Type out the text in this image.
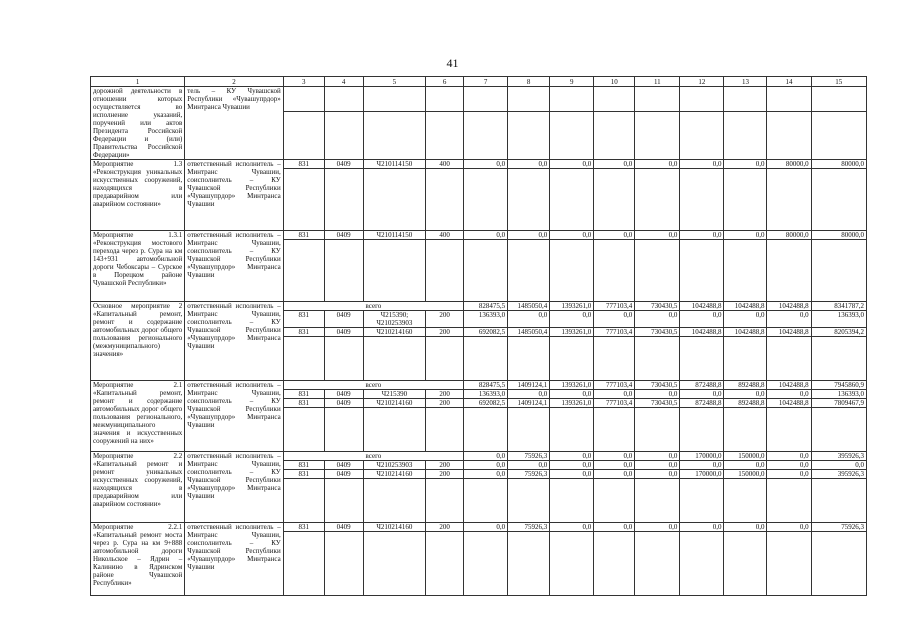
41
1	2	3	4	5	6	7	8	9	10	11	12	13	14	15
дорожной деятельности в отношении которых осуществляется во исполнение указаний, поручений или актов Президента Российской Федерации и (или) Правительства Российской Федерации»	тель – КУ Чувашской Республики «Чувашупрдор» Минтранса Чувашии													

Мероприятие 1.3 «Реконструкция уникальных искусственных сооружений, находящихся в предаварийном или аварийном состоянии»	ответственный исполнитель – Минтранс Чувашии, соисполнитель – КУ Чувашской Республики «Чувашупрдор» Минтранса Чувашии	831	0409	Ч210114150	400	0,0	0,0	0,0	0,0	0,0	0,0	0,0	80000,0	80000,0

Мероприятие 1.3.1 «Реконструкция мостового перехода через р. Сура на км 143+931 автомобильной дороги Чебоксары – Сурское в Порецком районе Чувашской Республики»	ответственный исполнитель – Минтранс Чувашии, соисполнитель – КУ Чувашской Республики «Чувашупрдор» Минтранса Чувашии	831	0409	Ч210114150	400	0,0	0,0	0,0	0,0	0,0	0,0	0,0	80000,0	80000,0

Основное мероприятие 2 «Капитальный ремонт, ремонт и содержание автомобильных дорог общего пользования регионального (межмуниципального) значения»	ответственный исполнитель – Минтранс Чувашии, соисполнитель – КУ Чувашской Республики «Чувашупрдор» Минтранса Чувашии	всего				828475,5	1485050,4	1393261,0	777103,4	730430,5	1042488,8	1042488,8	1042488,8	8341787,2
		831	0409	Ч215390; Ч210253903	200	136393,0	0,0	0,0	0,0	0,0	0,0	0,0	0,0	136393,0
		831	0409	Ч210214160	200	692082,5	1485050,4	1393261,0	777103,4	730430,5	1042488,8	1042488,8	1042488,8	8205394,2

Мероприятие 2.1 «Капитальный ремонт, ремонт и содержание автомобильных дорог общего пользования регионального, межмуниципального значения и искусственных сооружений на них»	ответственный исполнитель – Минтранс Чувашии, соисполнитель – КУ Чувашской Республики «Чувашупрдор» Минтранса Чувашии	всего				828475,5	1409124,1	1393261,0	777103,4	730430,5	872488,8	892488,8	1042488,8	7945860,9
		831	0409	Ч215390	200	136393,0	0,0	0,0	0,0	0,0	0,0	0,0	0,0	136393,0
		831	0409	Ч210214160	200	692082,5	1409124,1	1393261,0	777103,4	730430,5	872488,8	892488,8	1042488,8	7809467,9

Мероприятие 2.2 «Капитальный ремонт и ремонт уникальных искусственных сооружений, находящихся в предаварийном или аварийном состоянии»	ответственный исполнитель – Минтранс Чувашии, соисполнитель – КУ Чувашской Республики «Чувашупрдор» Минтранса Чувашии	всего				0,0	75926,3	0,0	0,0	0,0	170000,0	150000,0	0,0	395926,3
		831	0409	Ч210253903	200	0,0	0,0	0,0	0,0	0,0	0,0	0,0	0,0	0,0
		831	0409	Ч210214160	200	0,0	75926,3	0,0	0,0	0,0	170000,0	150000,0	0,0	395926,3

Мероприятие 2.2.1 «Капитальный ремонт моста через р. Сура на км 9+888 автомобильной дороги Никольское – Ядрин – Калинино в Ядринском районе Чувашской Республики»	ответственный исполнитель – Минтранс Чувашии, соисполнитель – КУ Чувашской Республики «Чувашупрдор» Минтранса Чувашии	831	0409	Ч210214160	200	0,0	75926,3	0,0	0,0	0,0	0,0	0,0	0,0	75926,3
